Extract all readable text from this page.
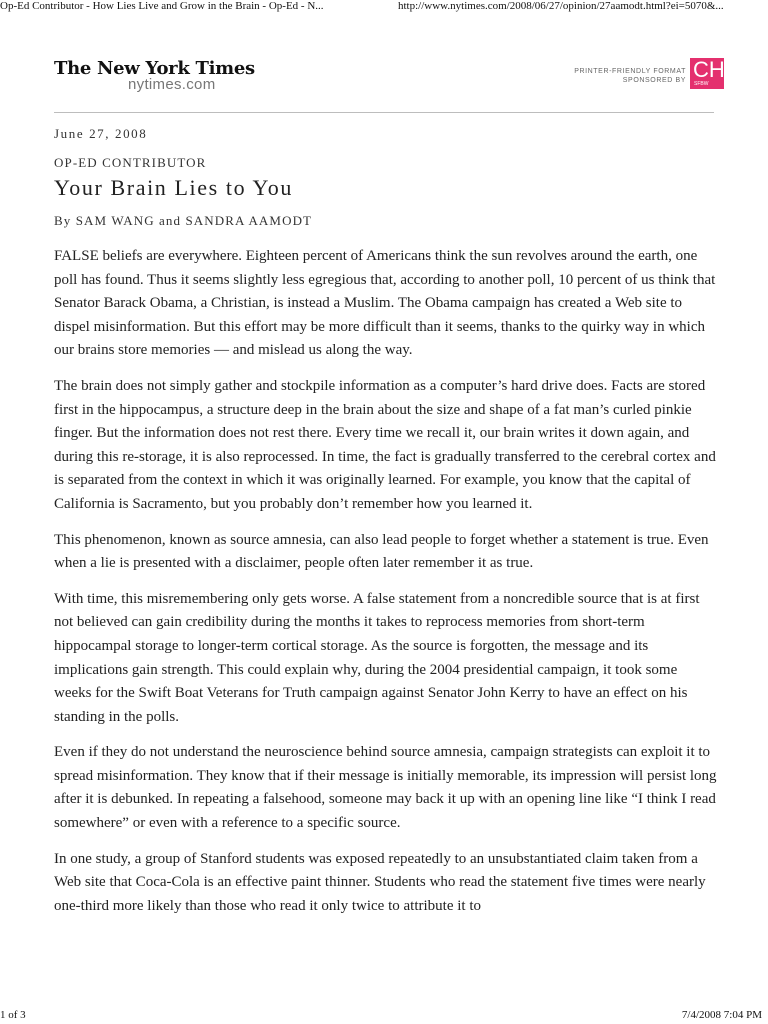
Op-Ed Contributor - How Lies Live and Grow in the Brain - Op-Ed - N...	http://www.nytimes.com/2008/06/27/opinion/27aamodt.html?ei=5070&...
The New York Times
nytimes.com
PRINTER-FRIENDLY FORMAT
SPONSORED BY CH
SFBW
June 27, 2008
OP-ED CONTRIBUTOR
Your Brain Lies to You
By SAM WANG and SANDRA AAMODT

FALSE beliefs are everywhere. Eighteen percent of Americans think the sun revolves around the earth, one poll has found. Thus it seems slightly less egregious that, according to another poll, 10 percent of us think that Senator Barack Obama, a Christian, is instead a Muslim. The Obama campaign has created a Web site to dispel misinformation. But this effort may be more difficult than it seems, thanks to the quirky way in which our brains store memories — and mislead us along the way.

The brain does not simply gather and stockpile information as a computer’s hard drive does. Facts are stored first in the hippocampus, a structure deep in the brain about the size and shape of a fat man’s curled pinkie finger. But the information does not rest there. Every time we recall it, our brain writes it down again, and during this re-storage, it is also reprocessed. In time, the fact is gradually transferred to the cerebral cortex and is separated from the context in which it was originally learned. For example, you know that the capital of California is Sacramento, but you probably don’t remember how you learned it.

This phenomenon, known as source amnesia, can also lead people to forget whether a statement is true. Even when a lie is presented with a disclaimer, people often later remember it as true.

With time, this misremembering only gets worse. A false statement from a noncredible source that is at first not believed can gain credibility during the months it takes to reprocess memories from short-term hippocampal storage to longer-term cortical storage. As the source is forgotten, the message and its implications gain strength. This could explain why, during the 2004 presidential campaign, it took some weeks for the Swift Boat Veterans for Truth campaign against Senator John Kerry to have an effect on his standing in the polls.

Even if they do not understand the neuroscience behind source amnesia, campaign strategists can exploit it to spread misinformation. They know that if their message is initially memorable, its impression will persist long after it is debunked. In repeating a falsehood, someone may back it up with an opening line like “I think I read somewhere” or even with a reference to a specific source.

In one study, a group of Stanford students was exposed repeatedly to an unsubstantiated claim taken from a Web site that Coca-Cola is an effective paint thinner. Students who read the statement five times were nearly one-third more likely than those who read it only twice to attribute it to

1 of 3	7/4/2008 7:04 PM
